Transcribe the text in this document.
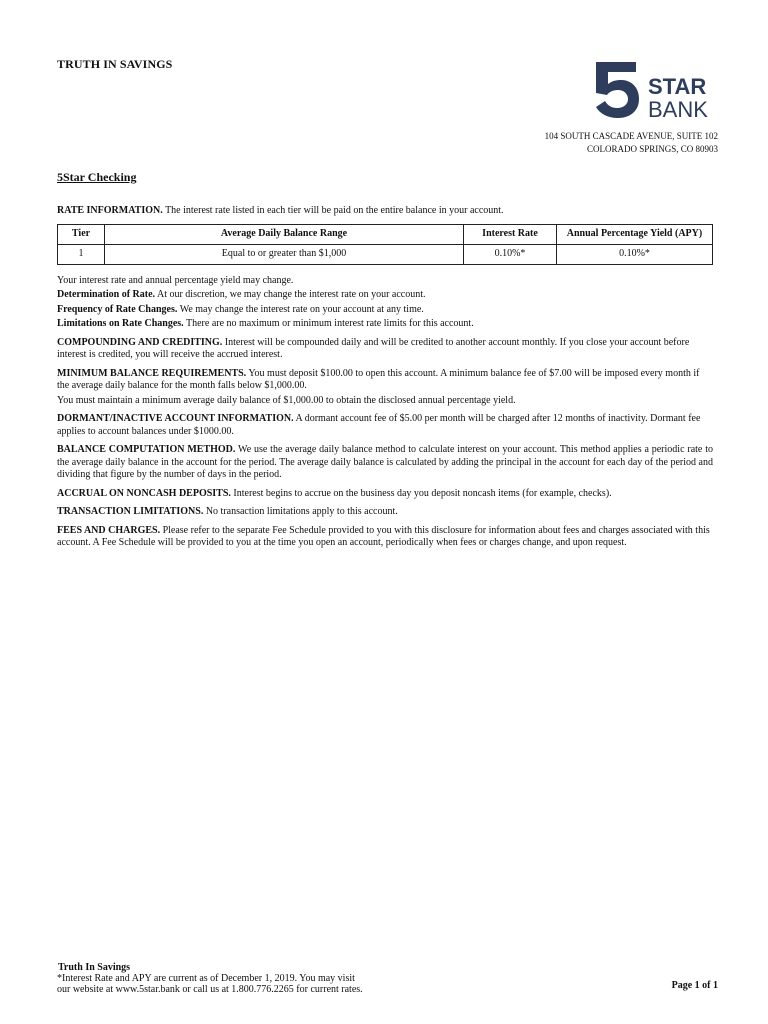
TRUTH IN SAVINGS
STAR
BANK
104 SOUTH CASCADE AVENUE, SUITE 102
COLORADO SPRINGS, CO 80903
5Star Checking

RATE INFORMATION. The interest rate listed in each tier will be paid on the entire balance in your account.

Tier	Average Daily Balance Range	Interest Rate	Annual Percentage Yield (APY)
1	Equal to or greater than $1,000	0.10%*	0.10%*

Your interest rate and annual percentage yield may change.

Determination of Rate. At our discretion, we may change the interest rate on your account.

Frequency of Rate Changes. We may change the interest rate on your account at any time.

Limitations on Rate Changes. There are no maximum or minimum interest rate limits for this account.

COMPOUNDING AND CREDITING. Interest will be compounded daily and will be credited to another account monthly. If you close your account before interest is credited, you will receive the accrued interest.

MINIMUM BALANCE REQUIREMENTS. You must deposit $100.00 to open this account. A minimum balance fee of $7.00 will be imposed every month if the average daily balance for the month falls below $1,000.00.

You must maintain a minimum average daily balance of $1,000.00 to obtain the disclosed annual percentage yield.

DORMANT/INACTIVE ACCOUNT INFORMATION. A dormant account fee of $5.00 per month will be charged after 12 months of inactivity. Dormant fee applies to account balances under $1000.00.

BALANCE COMPUTATION METHOD. We use the average daily balance method to calculate interest on your account. This method applies a periodic rate to the average daily balance in the account for the period. The average daily balance is calculated by adding the principal in the account for each day of the period and dividing that figure by the number of days in the period.

ACCRUAL ON NONCASH DEPOSITS. Interest begins to accrue on the business day you deposit noncash items (for example, checks).

TRANSACTION LIMITATIONS. No transaction limitations apply to this account.

FEES AND CHARGES. Please refer to the separate Fee Schedule provided to you with this disclosure for information about fees and charges associated with this account. A Fee Schedule will be provided to you at the time you open an account, periodically when fees or charges change, and upon request.

Truth In Savings
*Interest Rate and APY are current as of December 1, 2019. You may visit our website at www.5star.bank or call us at 1.800.776.2265 for current rates.	Page 1 of 1
